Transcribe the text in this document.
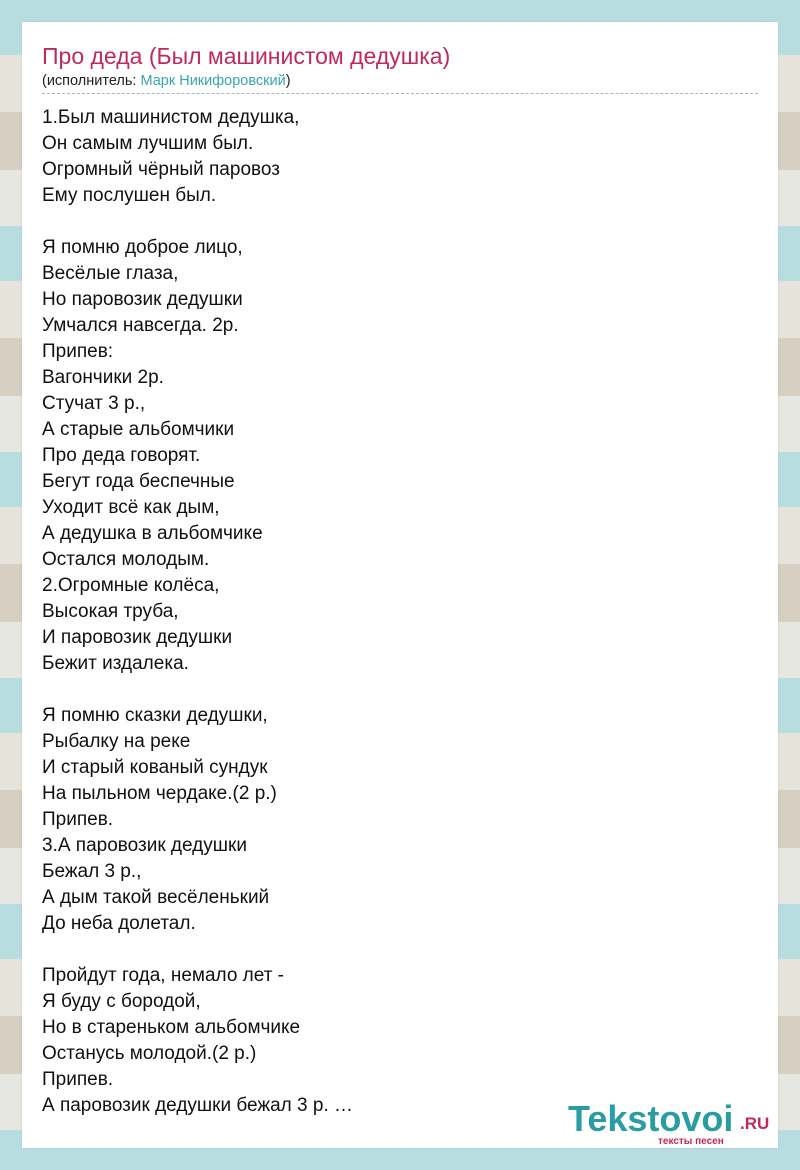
Про деда (Был машинистом дедушка)
(исполнитель: Марк Никифоровский)
1.Был машинистом дедушка,
Он самым лучшим был.
Огромный чёрный паровоз
Ему послушен был.
Я помню доброе лицо,
Весёлые глаза,
Но паровозик дедушки
Умчался навсегда. 2р.
Припев:
Вагончики 2р.
Стучат 3 р.,
А старые альбомчики
Про деда говорят.
Бегут года беспечные
Уходит всё как дым,
А дедушка в альбомчике
Остался молодым.
2.Огромные колёса,
Высокая труба,
И паровозик дедушки
Бежит издалека.
Я помню сказки дедушки,
Рыбалку на реке
И старый кованый сундук
На пыльном чердаке.(2 р.)
Припев.
3.А паровозик дедушки
Бежал 3 р.,
А дым такой весёленький
До неба долетал.
Пройдут года, немало лет -
Я буду с бородой,
Но в стареньком альбомчике
Останусь молодой.(2 р.)
Припев.
А паровозик дедушки бежал 3 р. …	Tekstovoi .RU
тексты песен
